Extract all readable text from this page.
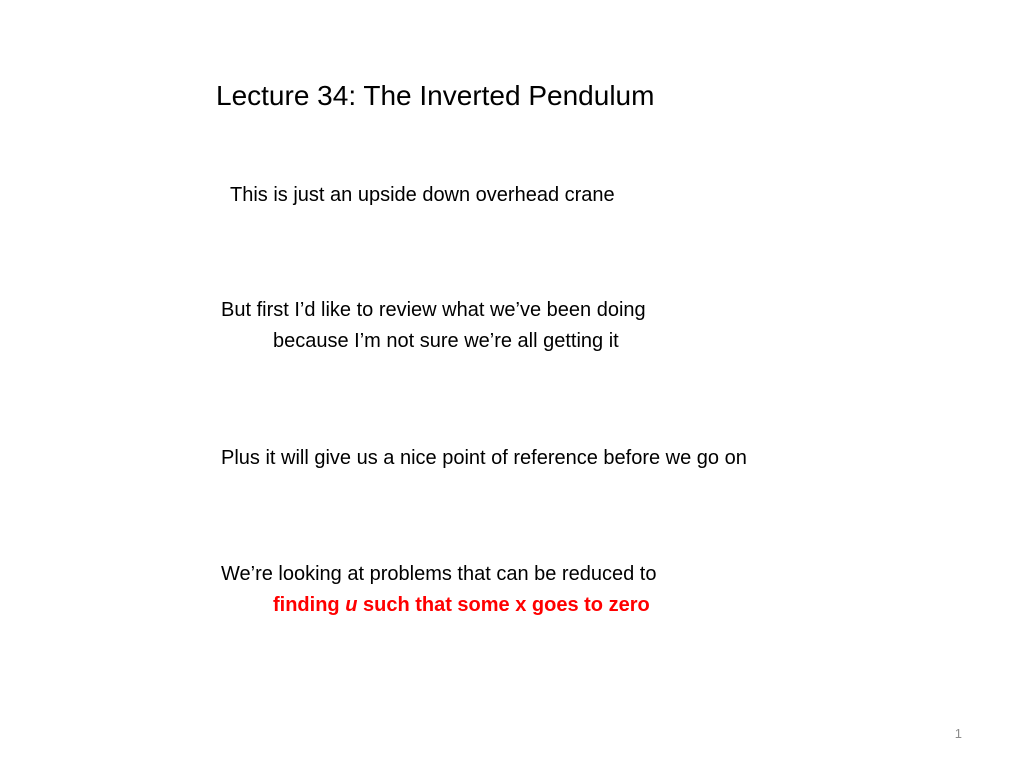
Lecture 34: The Inverted Pendulum
This is just an upside down overhead crane
But first I’d like to review what we’ve been doing
because I’m not sure we’re all getting it
Plus it will give us a nice point of reference before we go on
We’re looking at problems that can be reduced to
finding u such that some x goes to zero
1
